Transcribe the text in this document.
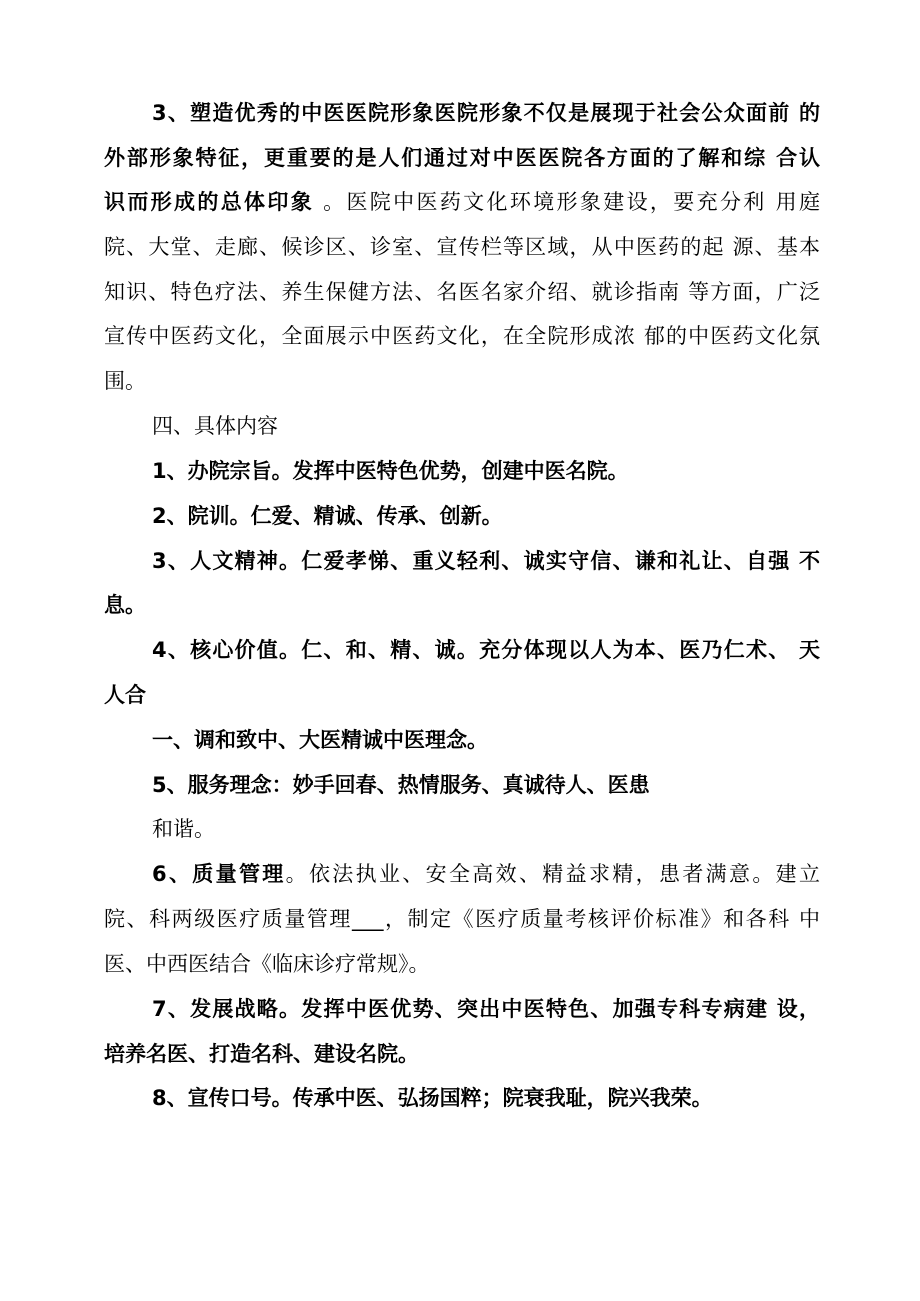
3、塑造优秀的中医医院形象医院形象不仅是展现于社会公众面前 的
外部形象特征，更重要的是人们通过对中医医院各方面的了解和综 合认
识而形成的总体印象 。医院中医药文化环境形象建设，要充分利 用庭
院、大堂、走廊、候诊区、诊室、宣传栏等区域，从中医药的起 源、基本
知识、特色疗法、养生保健方法、名医名家介绍、就诊指南 等方面，广泛
宣传中医药文化，全面展示中医药文化，在全院形成浓 郁的中医药文化氛
围。
四、具体内容
1、办院宗旨。发挥中医特色优势，创建中医名院。
2、院训。仁爱、精诚、传承、创新。
3、人文精神。仁爱孝悌、重义轻利、诚实守信、谦和礼让、自强 不
息。
4、核心价值。仁、和、精、诚。充分体现以人为本、医乃仁术、 天
人合
一、调和致中、大医精诚中医理念。
5、服务理念：妙手回春、热情服务、真诚待人、医患
和谐。
6、质量管理。依法执业、安全高效、精益求精，患者满意。建立
院、科两级医疗质量管理___，制定《医疗质量考核评价标准》和各科 中
医、中西医结合《临床诊疗常规》。
7、发展战略。发挥中医优势、突出中医特色、加强专科专病建 设，
培养名医、打造名科、建设名院。
8、宣传口号。传承中医、弘扬国粹；院衰我耻，院兴我荣。
